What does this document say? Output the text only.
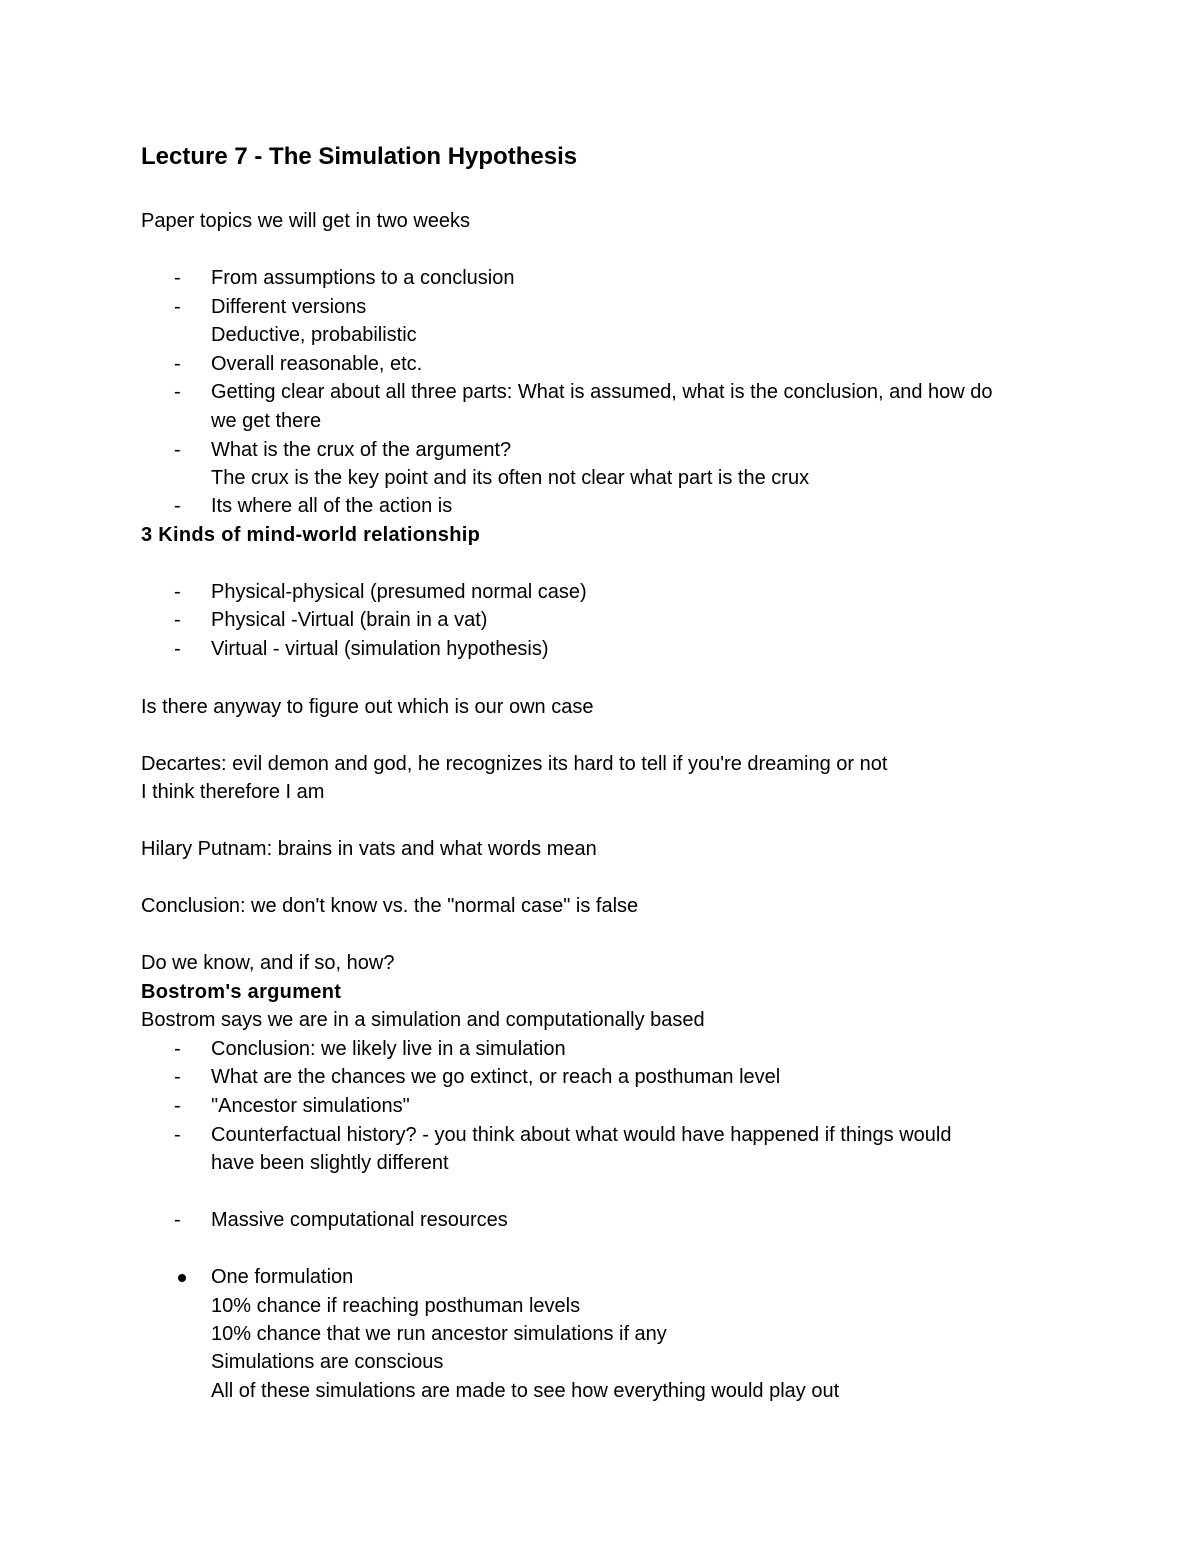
Lecture 7 - The Simulation Hypothesis
Paper topics we will get in two weeks
- From assumptions to a conclusion
- Different versions
Deductive, probabilistic
- Overall reasonable, etc.
- Getting clear about all three parts: What is assumed, what is the conclusion, and how do
we get there
- What is the crux of the argument?
The crux is the key point and its often not clear what part is the crux
- Its where all of the action is
3 Kinds of mind-world relationship
- Physical-physical (presumed normal case)
- Physical -Virtual (brain in a vat)
- Virtual - virtual (simulation hypothesis)
Is there anyway to figure out which is our own case
Decartes: evil demon and god, he recognizes its hard to tell if you're dreaming or not
I think therefore I am
Hilary Putnam: brains in vats and what words mean
Conclusion: we don't know vs. the "normal case" is false
Do we know, and if so, how?
Bostrom's argument
Bostrom says we are in a simulation and computationally based
- Conclusion: we likely live in a simulation
- What are the chances we go extinct, or reach a posthuman level
- "Ancestor simulations"
- Counterfactual history? - you think about what would have happened if things would
have been slightly different
- Massive computational resources
One formulation
10% chance if reaching posthuman levels
10% chance that we run ancestor simulations if any
Simulations are conscious
All of these simulations are made to see how everything would play out
